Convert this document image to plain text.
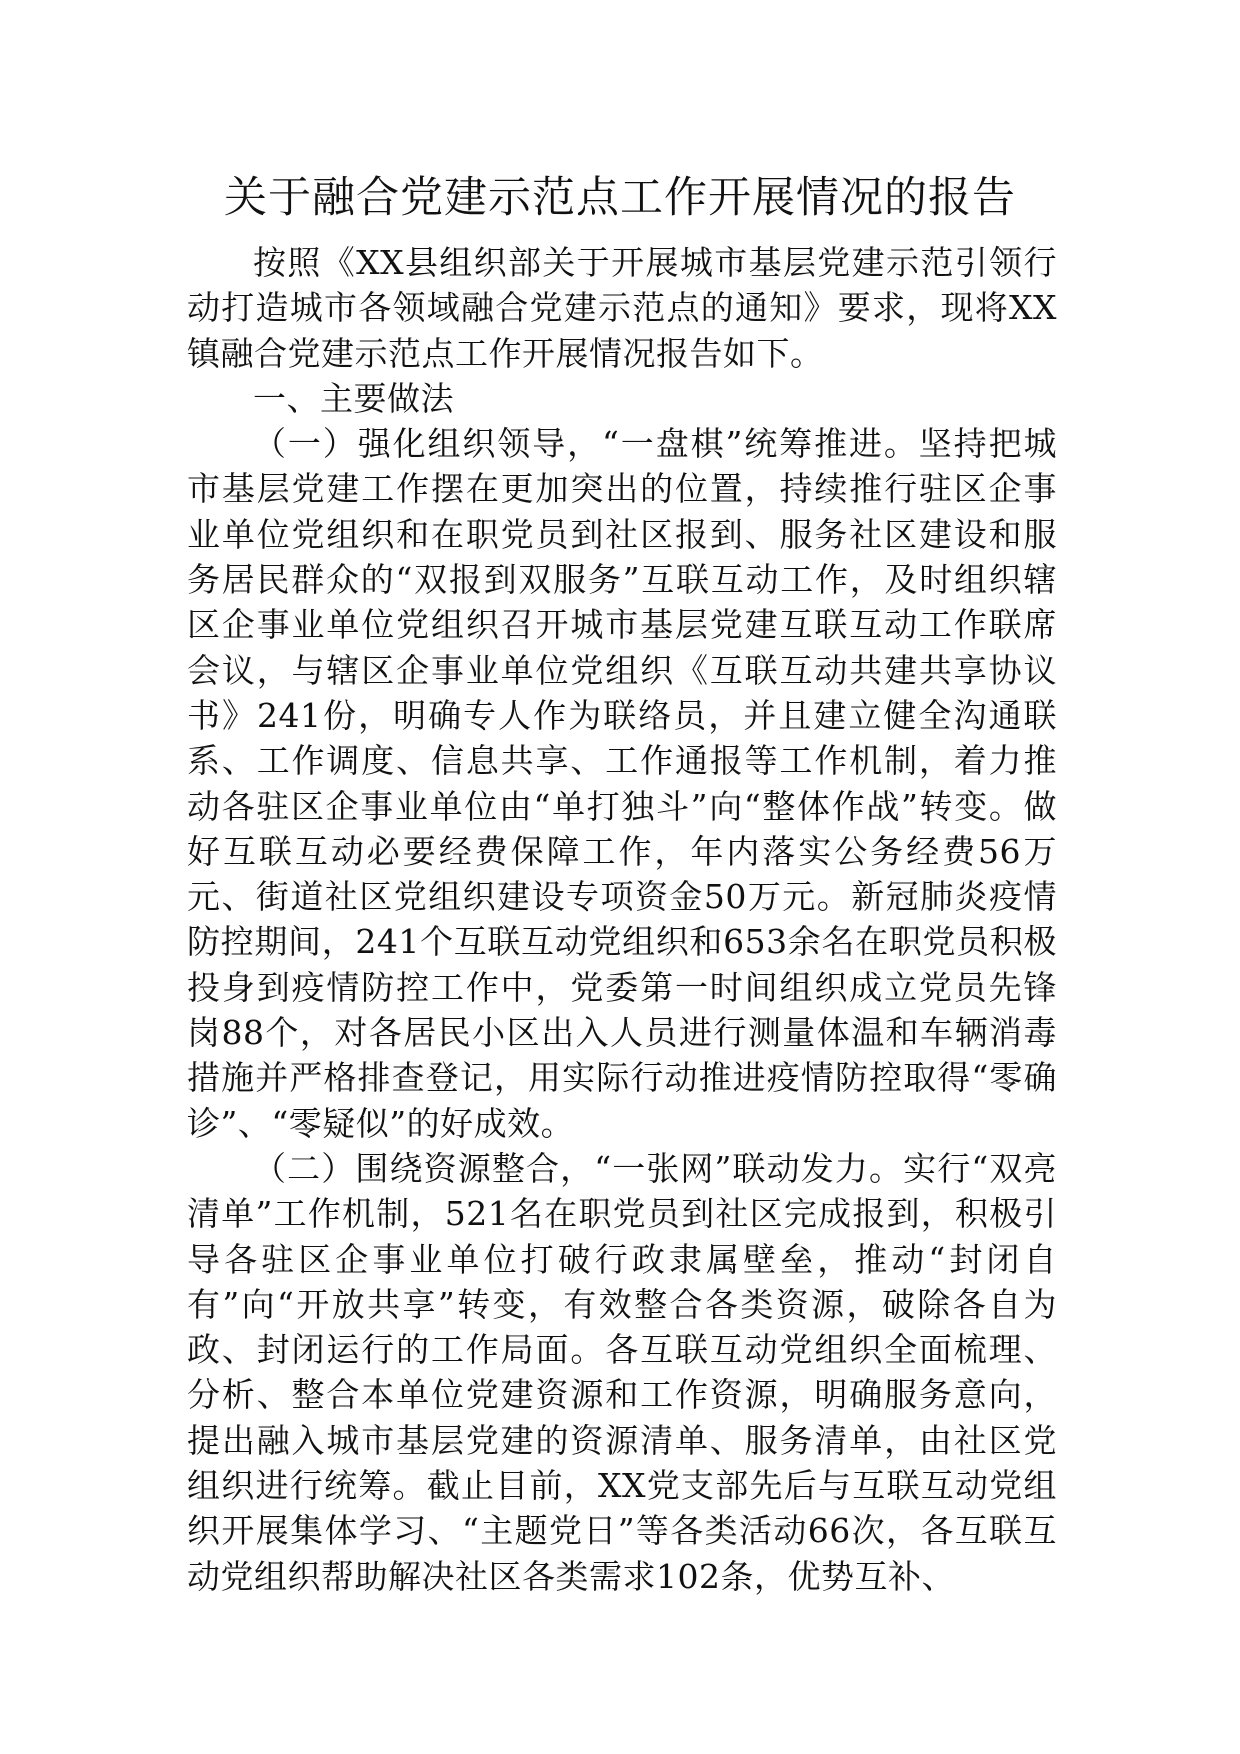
关于融合党建示范点工作开展情况的报告

按照《XX县组织部关于开展城市基层党建示范引领行动打造城市各领域融合党建示范点的通知》要求，现将XX镇融合党建示范点工作开展情况报告如下。

一、主要做法

（一）强化组织领导，“一盘棋”统筹推进。坚持把城市基层党建工作摆在更加突出的位置，持续推行驻区企事业单位党组织和在职党员到社区报到、服务社区建设和服务居民群众的“双报到双服务”互联互动工作，及时组织辖区企事业单位党组织召开城市基层党建互联互动工作联席会议，与辖区企事业单位党组织《互联互动共建共享协议书》241份，明确专人作为联络员，并且建立健全沟通联系、工作调度、信息共享、工作通报等工作机制，着力推动各驻区企事业单位由“单打独斗”向“整体作战”转变。做好互联互动必要经费保障工作，年内落实公务经费56万元、街道社区党组织建设专项资金50万元。新冠肺炎疫情防控期间，241个互联互动党组织和653余名在职党员积极投身到疫情防控工作中，党委第一时间组织成立党员先锋岗88个，对各居民小区出入人员进行测量体温和车辆消毒措施并严格排查登记，用实际行动推进疫情防控取得“零确诊”、“零疑似”的好成效。

（二）围绕资源整合，“一张网”联动发力。实行“双亮清单”工作机制，521名在职党员到社区完成报到，积极引导各驻区企事业单位打破行政隶属壁垒，推动“封闭自有”向“开放共享”转变，有效整合各类资源，破除各自为政、封闭运行的工作局面。各互联互动党组织全面梳理、分析、整合本单位党建资源和工作资源，明确服务意向，提出融入城市基层党建的资源清单、服务清单，由社区党组织进行统筹。截止目前，XX党支部先后与互联互动党组织开展集体学习、“主题党日”等各类活动66次，各互联互动党组织帮助解决社区各类需求102条，优势互补、
